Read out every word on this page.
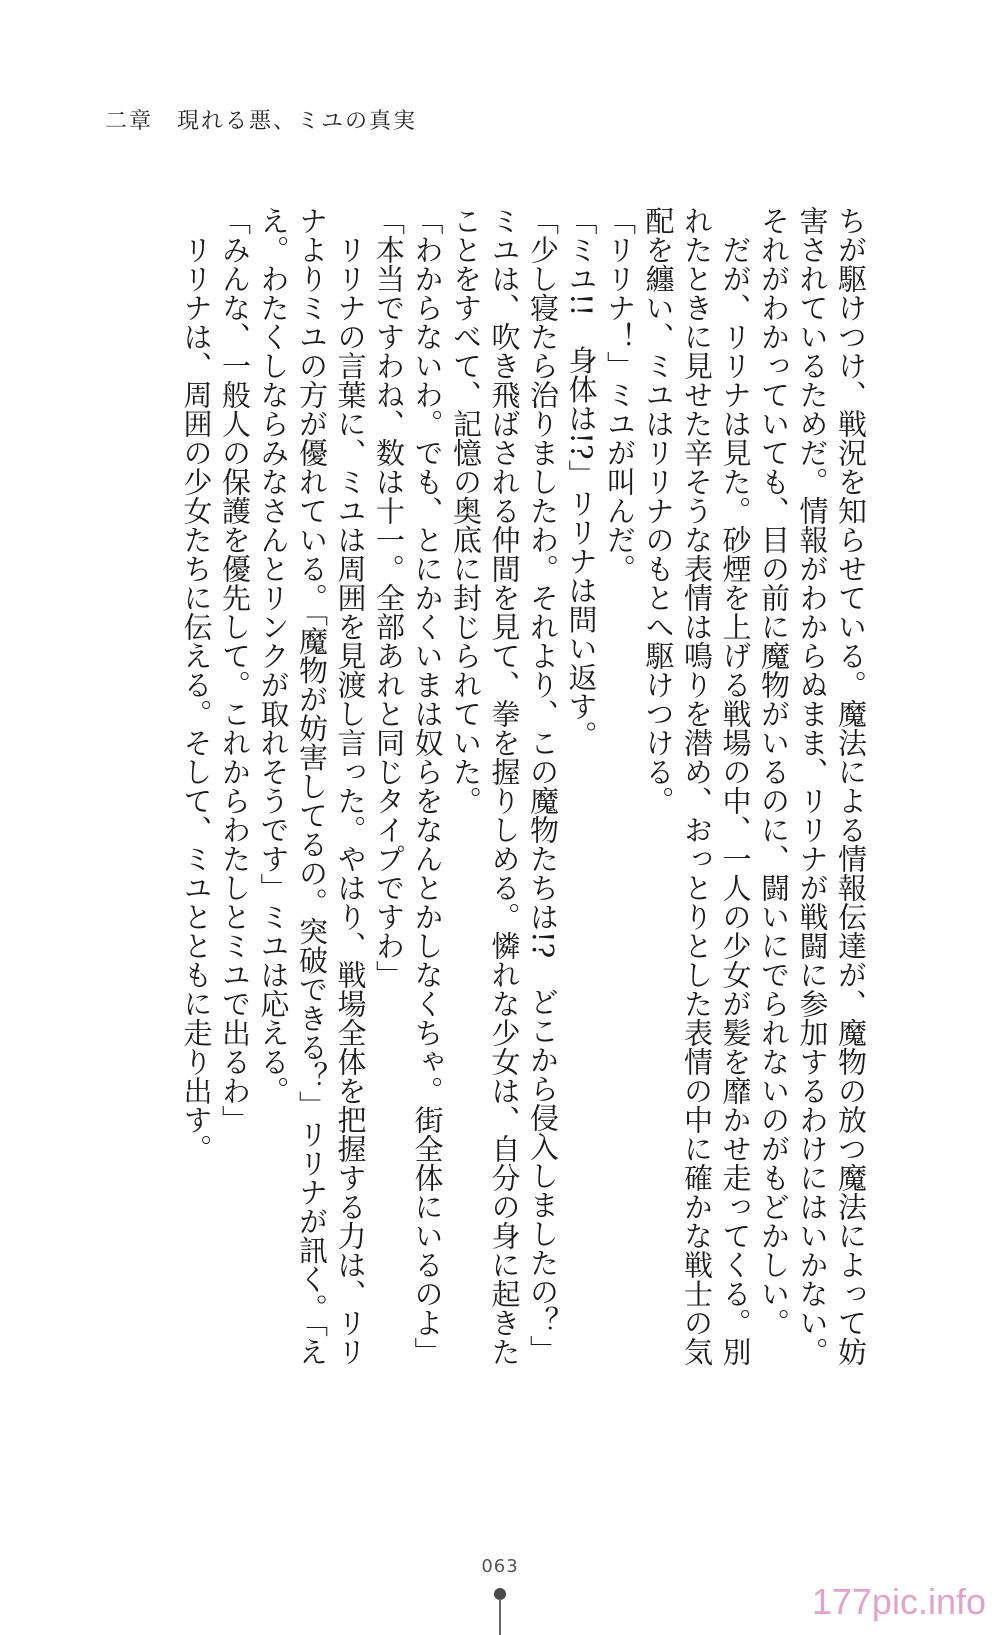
二章　現れる悪、ミユの真実

ちが駆けつけ、戦況を知らせている。魔法による情報伝達が、魔物の放つ魔法によって妨

害されているためだ。情報がわからぬまま、リリナが戦闘に参加するわけにはいかない。

それがわかっていても、目の前に魔物がいるのに、闘いにでられないのがもどかしい。

　だが、リリナは見た。砂煙を上げる戦場の中、一人の少女が髪を靡かせ走ってくる。別

れたときに見せた辛そうな表情は鳴りを潜め、おっとりとした表情の中に確かな戦士の気

配を纏い、ミユはリリナのもとへ駆けつける。

「リリナ！」ミユが叫んだ。

「ミユ!!　身体は!?」リリナは問い返す。

「少し寝たら治りましたわ。それより、この魔物たちは!?　どこから侵入しましたの？」

ミユは、吹き飛ばされる仲間を見て、拳を握りしめる。憐れな少女は、自分の身に起きた

ことをすべて、記憶の奥底に封じられていた。

「わからないわ。でも、とにかくいまは奴らをなんとかしなくちゃ。街全体にいるのよ」

「本当ですわね、数は十一。全部あれと同じタイプですわ」

　リリナの言葉に、ミユは周囲を見渡し言った。やはり、戦場全体を把握する力は、リリ

ナよりミユの方が優れている。「魔物が妨害してるの。突破できる？」リリナが訊く。「え

え。わたくしならみなさんとリンクが取れそうです」ミユは応える。

「みんな、一般人の保護を優先して。これからわたしとミユで出るわ」

　リリナは、周囲の少女たちに伝える。そして、ミユとともに走り出す。

063
177pic.info
